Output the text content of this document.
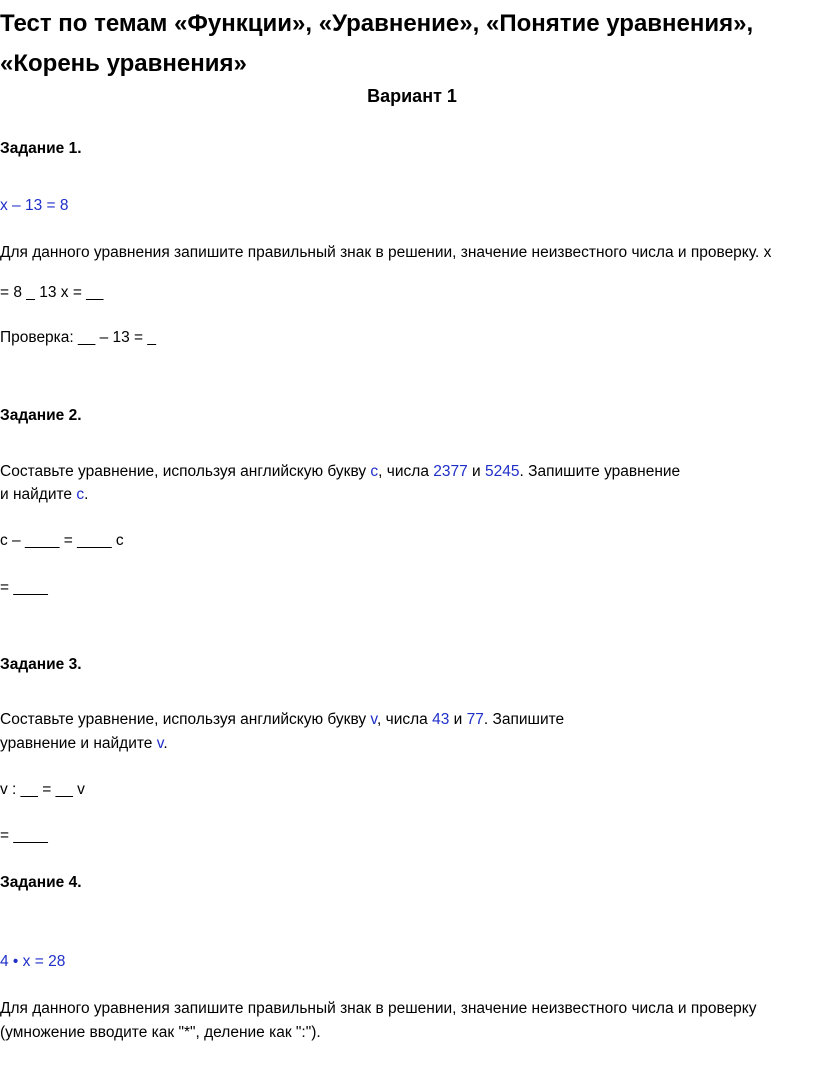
Тест по темам «Функции», «Уравнение», «Понятие уравнения»,
«Корень уравнения»
Вариант 1
Задание 1.
x – 13 = 8
Для данного уравнения запишите правильный знак в решении, значение неизвестного числа и проверку. x
= 8 _ 13 x = __
Проверка: __ – 13 = _
Задание 2.
Составьте уравнение, используя английскую букву c, числа 2377 и 5245. Запишите уравнение
и найдите c.
c – ____ = ____ c
= ____
Задание 3.
Составьте уравнение, используя английскую букву v, числа 43 и 77. Запишите
уравнение и найдите v.
v : __ = __ v
= ____
Задание 4.
4 • x = 28
Для данного уравнения запишите правильный знак в решении, значение неизвестного числа и проверку
(умножение вводите как "*", деление как ":").
